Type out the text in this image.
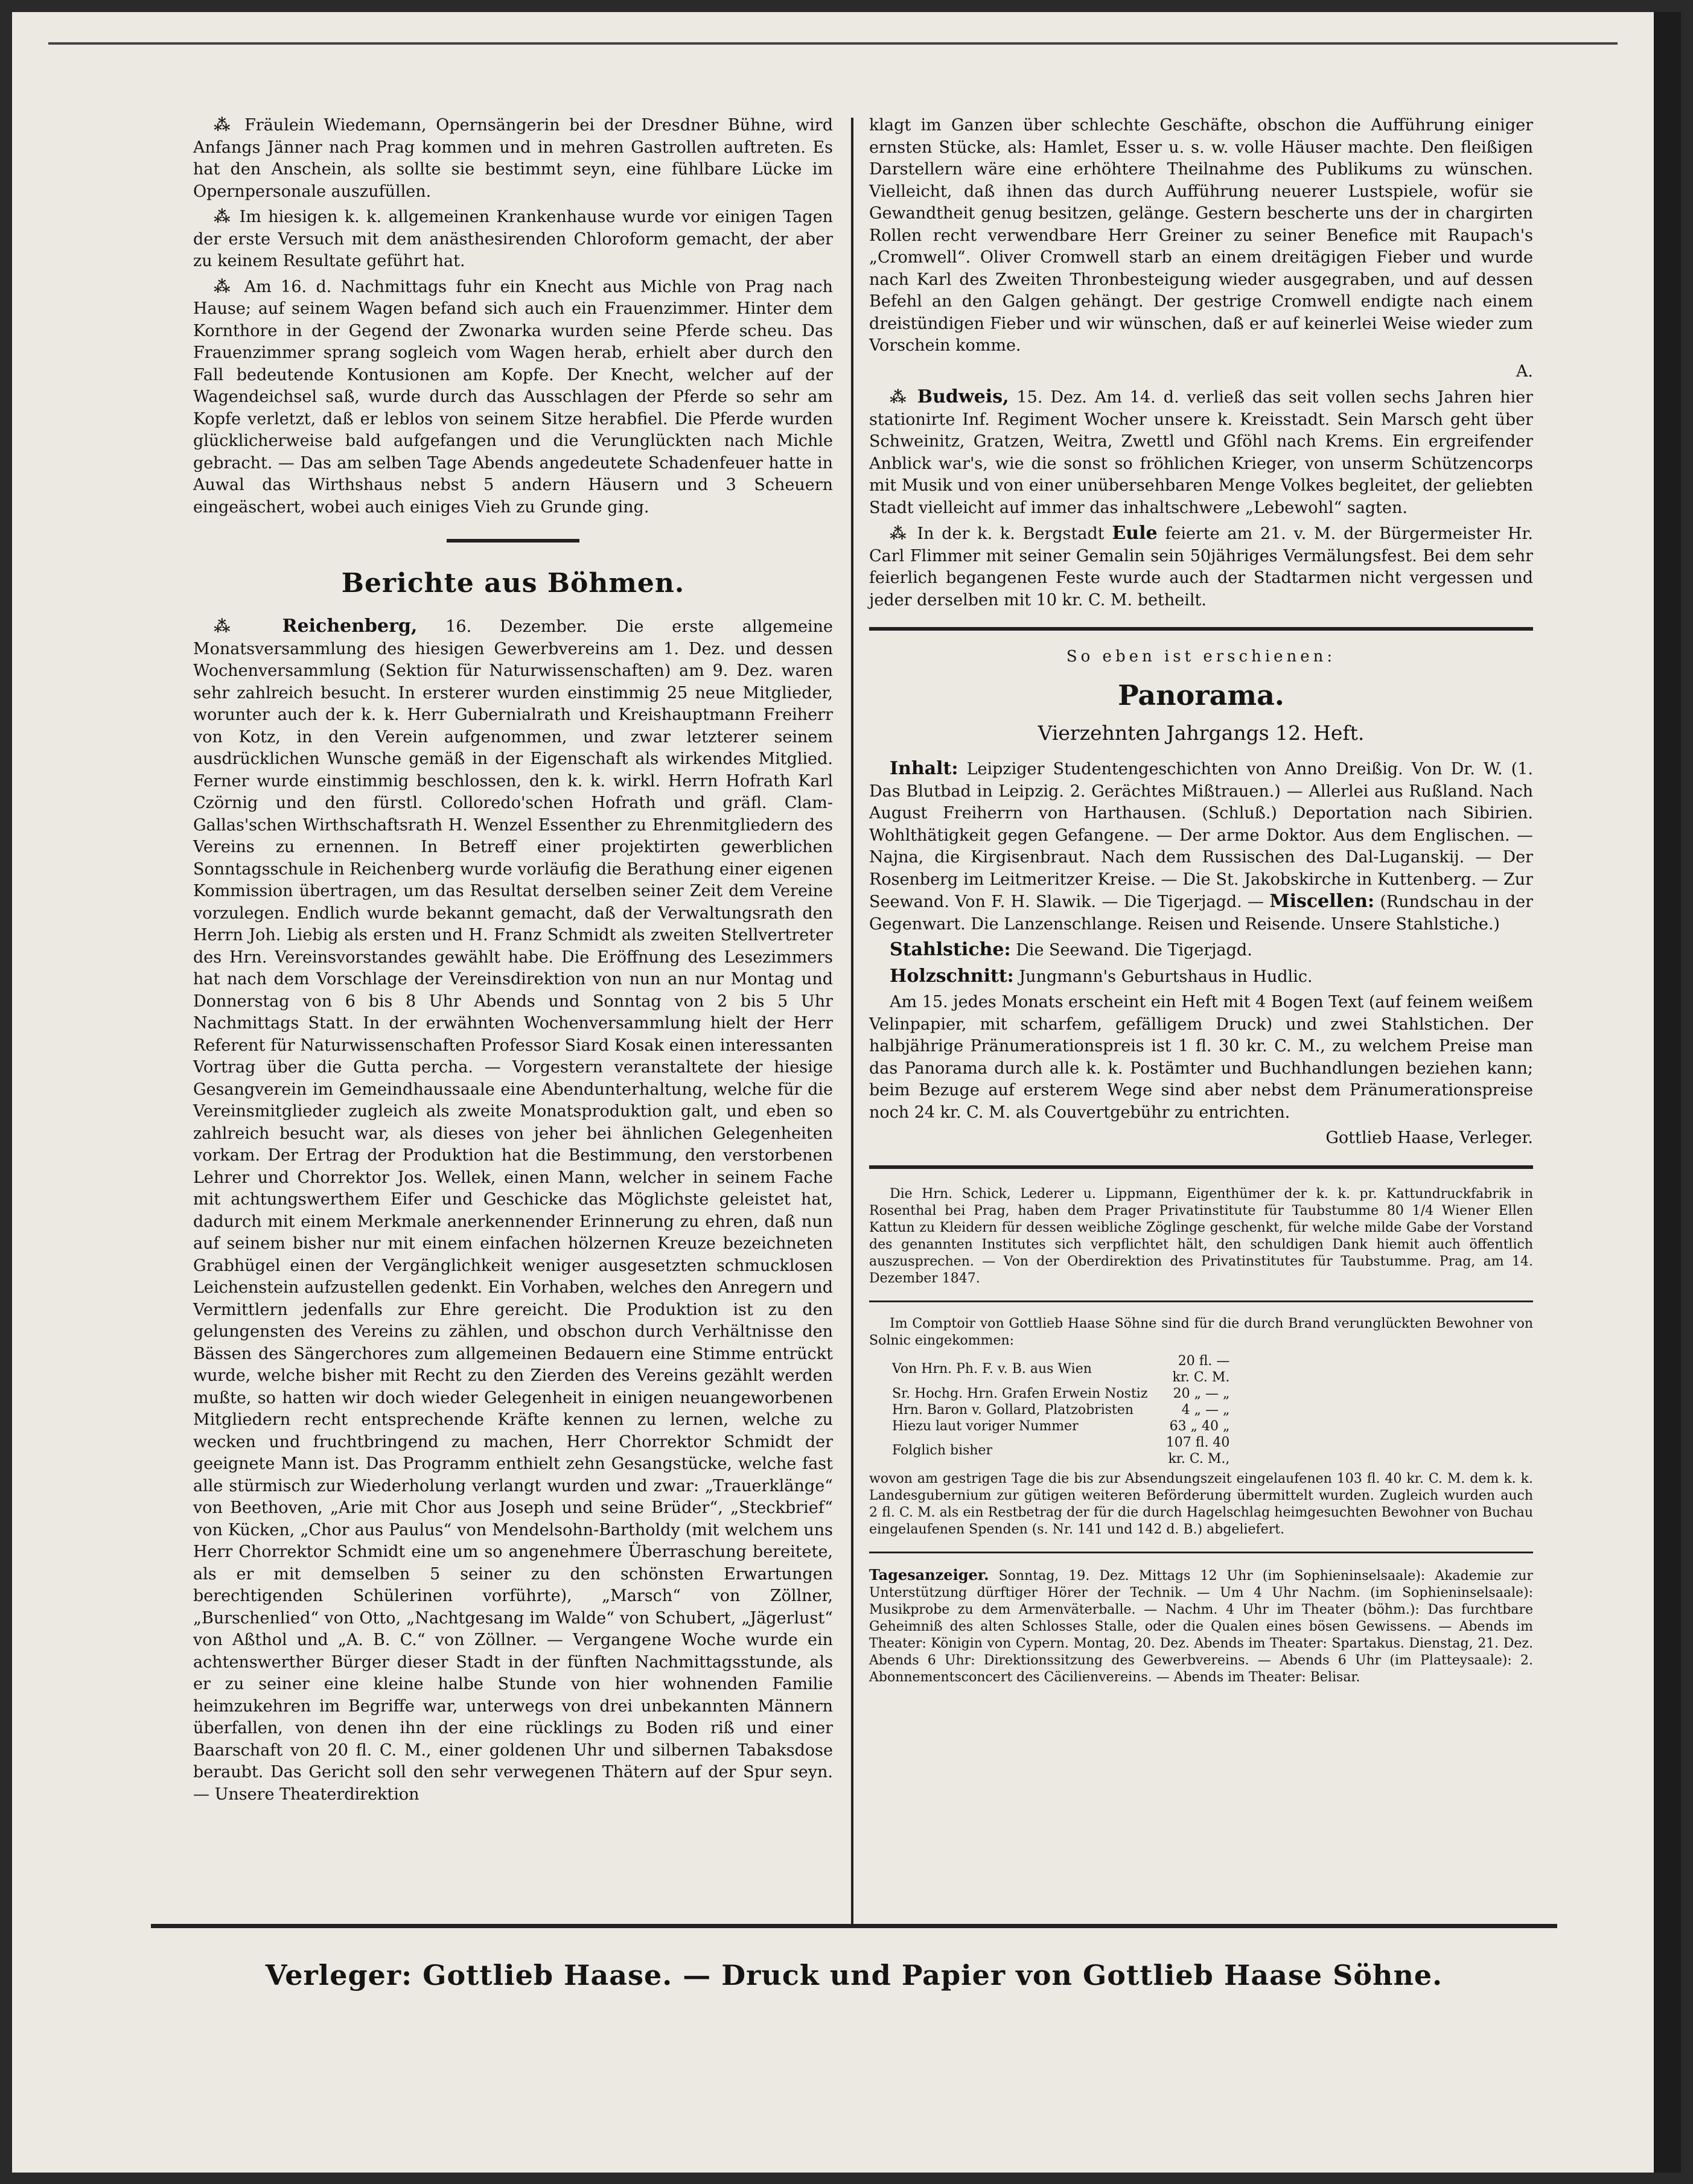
⁂ Fräulein Wiedemann, Opernsängerin bei der Dresdner Bühne, wird Anfangs Jänner nach Prag kommen und in mehren Gastrollen auftreten. Es hat den Anschein, als sollte sie bestimmt seyn, eine fühlbare Lücke im Opernpersonale auszufüllen.

⁂ Im hiesigen k. k. allgemeinen Krankenhause wurde vor einigen Tagen der erste Versuch mit dem anästhesirenden Chloroform gemacht, der aber zu keinem Resultate geführt hat.

⁂ Am 16. d. Nachmittags fuhr ein Knecht aus Michle von Prag nach Hause; auf seinem Wagen befand sich auch ein Frauenzimmer. Hinter dem Kornthore in der Gegend der Zwonarka wurden seine Pferde scheu. Das Frauenzimmer sprang sogleich vom Wagen herab, erhielt aber durch den Fall bedeutende Kontusionen am Kopfe. Der Knecht, welcher auf der Wagendeichsel saß, wurde durch das Ausschlagen der Pferde so sehr am Kopfe verletzt, daß er leblos von seinem Sitze herabfiel. Die Pferde wurden glücklicherweise bald aufgefangen und die Verunglückten nach Michle gebracht. — Das am selben Tage Abends angedeutete Schadenfeuer hatte in Auwal das Wirthshaus nebst 5 andern Häusern und 3 Scheuern eingeäschert, wobei auch einiges Vieh zu Grunde ging.

Berichte aus Böhmen.

⁂ Reichenberg, 16. Dezember. Die erste allgemeine Monatsversammlung des hiesigen Gewerbvereins am 1. Dez. und dessen Wochenversammlung (Sektion für Naturwissenschaften) am 9. Dez. waren sehr zahlreich besucht. In ersterer wurden einstimmig 25 neue Mitglieder, worunter auch der k. k. Herr Gubernialrath und Kreishauptmann Freiherr von Kotz, in den Verein aufgenommen, und zwar letzterer seinem ausdrücklichen Wunsche gemäß in der Eigenschaft als wirkendes Mitglied. Ferner wurde einstimmig beschlossen, den k. k. wirkl. Herrn Hofrath Karl Czörnig und den fürstl. Colloredo'schen Hofrath und gräfl. Clam-Gallas'schen Wirthschaftsrath H. Wenzel Essenther zu Ehrenmitgliedern des Vereins zu ernennen. In Betreff einer projektirten gewerblichen Sonntagsschule in Reichenberg wurde vorläufig die Berathung einer eigenen Kommission übertragen, um das Resultat derselben seiner Zeit dem Vereine vorzulegen. Endlich wurde bekannt gemacht, daß der Verwaltungsrath den Herrn Joh. Liebig als ersten und H. Franz Schmidt als zweiten Stellvertreter des Hrn. Vereinsvorstandes gewählt habe. Die Eröffnung des Lesezimmers hat nach dem Vorschlage der Vereinsdirektion von nun an nur Montag und Donnerstag von 6 bis 8 Uhr Abends und Sonntag von 2 bis 5 Uhr Nachmittags Statt. In der erwähnten Wochenversammlung hielt der Herr Referent für Naturwissenschaften Professor Siard Kosak einen interessanten Vortrag über die Gutta percha. — Vorgestern veranstaltete der hiesige Gesangverein im Gemeindhaussaale eine Abendunterhaltung, welche für die Vereinsmitglieder zugleich als zweite Monatsproduktion galt, und eben so zahlreich besucht war, als dieses von jeher bei ähnlichen Gelegenheiten vorkam. Der Ertrag der Produktion hat die Bestimmung, den verstorbenen Lehrer und Chorrektor Jos. Wellek, einen Mann, welcher in seinem Fache mit achtungswerthem Eifer und Geschicke das Möglichste geleistet hat, dadurch mit einem Merkmale anerkennender Erinnerung zu ehren, daß nun auf seinem bisher nur mit einem einfachen hölzernen Kreuze bezeichneten Grabhügel einen der Vergänglichkeit weniger ausgesetzten schmucklosen Leichenstein aufzustellen gedenkt. Ein Vorhaben, welches den Anregern und Vermittlern jedenfalls zur Ehre gereicht. Die Produktion ist zu den gelungensten des Vereins zu zählen, und obschon durch Verhältnisse den Bässen des Sängerchores zum allgemeinen Bedauern eine Stimme entrückt wurde, welche bisher mit Recht zu den Zierden des Vereins gezählt werden mußte, so hatten wir doch wieder Gelegenheit in einigen neuangeworbenen Mitgliedern recht entsprechende Kräfte kennen zu lernen, welche zu wecken und fruchtbringend zu machen, Herr Chorrektor Schmidt der geeignete Mann ist. Das Programm enthielt zehn Gesangstücke, welche fast alle stürmisch zur Wiederholung verlangt wurden und zwar: „Trauerklänge“ von Beethoven, „Arie mit Chor aus Joseph und seine Brüder“, „Steckbrief“ von Kücken, „Chor aus Paulus“ von Mendelsohn-Bartholdy (mit welchem uns Herr Chorrektor Schmidt eine um so angenehmere Überraschung bereitete, als er mit demselben 5 seiner zu den schönsten Erwartungen berechtigenden Schülerinen vorführte), „Marsch“ von Zöllner, „Burschenlied“ von Otto, „Nachtgesang im Walde“ von Schubert, „Jägerlust“ von Aßthol und „A. B. C.“ von Zöllner. — Vergangene Woche wurde ein achtenswerther Bürger dieser Stadt in der fünften Nachmittagsstunde, als er zu seiner eine kleine halbe Stunde von hier wohnenden Familie heimzukehren im Begriffe war, unterwegs von drei unbekannten Männern überfallen, von denen ihn der eine rücklings zu Boden riß und einer Baarschaft von 20 fl. C. M., einer goldenen Uhr und silbernen Tabaksdose beraubt. Das Gericht soll den sehr verwegenen Thätern auf der Spur seyn. — Unsere Theaterdirektion

klagt im Ganzen über schlechte Geschäfte, obschon die Aufführung einiger ernsten Stücke, als: Hamlet, Esser u. s. w. volle Häuser machte. Den fleißigen Darstellern wäre eine erhöhtere Theilnahme des Publikums zu wünschen. Vielleicht, daß ihnen das durch Aufführung neuerer Lustspiele, wofür sie Gewandtheit genug besitzen, gelänge. Gestern bescherte uns der in chargirten Rollen recht verwendbare Herr Greiner zu seiner Benefice mit Raupach's „Cromwell“. Oliver Cromwell starb an einem dreitägigen Fieber und wurde nach Karl des Zweiten Thronbesteigung wieder ausgegraben, und auf dessen Befehl an den Galgen gehängt. Der gestrige Cromwell endigte nach einem dreistündigen Fieber und wir wünschen, daß er auf keinerlei Weise wieder zum Vorschein komme.

A.

⁂ Budweis, 15. Dez. Am 14. d. verließ das seit vollen sechs Jahren hier stationirte Inf. Regiment Wocher unsere k. Kreisstadt. Sein Marsch geht über Schweinitz, Gratzen, Weitra, Zwettl und Gföhl nach Krems. Ein ergreifender Anblick war's, wie die sonst so fröhlichen Krieger, von unserm Schützencorps mit Musik und von einer unübersehbaren Menge Volkes begleitet, der geliebten Stadt vielleicht auf immer das inhaltschwere „Lebewohl“ sagten.

⁂ In der k. k. Bergstadt Eule feierte am 21. v. M. der Bürgermeister Hr. Carl Flimmer mit seiner Gemalin sein 50jähriges Vermälungsfest. Bei dem sehr feierlich begangenen Feste wurde auch der Stadtarmen nicht vergessen und jeder derselben mit 10 kr. C. M. betheilt.

So eben ist erschienen:
Panorama.
Vierzehnten Jahrgangs 12. Heft.

Inhalt: Leipziger Studentengeschichten von Anno Dreißig. Von Dr. W. (1. Das Blutbad in Leipzig. 2. Gerächtes Mißtrauen.) — Allerlei aus Rußland. Nach August Freiherrn von Harthausen. (Schluß.) Deportation nach Sibirien. Wohlthätigkeit gegen Gefangene. — Der arme Doktor. Aus dem Englischen. — Najna, die Kirgisenbraut. Nach dem Russischen des Dal-Luganskij. — Der Rosenberg im Leitmeritzer Kreise. — Die St. Jakobskirche in Kuttenberg. — Zur Seewand. Von F. H. Slawik. — Die Tigerjagd. — Miscellen: (Rundschau in der Gegenwart. Die Lanzenschlange. Reisen und Reisende. Unsere Stahlstiche.)

Stahlstiche: Die Seewand. Die Tigerjagd.

Holzschnitt: Jungmann's Geburtshaus in Hudlic.

Am 15. jedes Monats erscheint ein Heft mit 4 Bogen Text (auf feinem weißem Velinpapier, mit scharfem, gefälligem Druck) und zwei Stahlstichen. Der halbjährige Pränumerationspreis ist 1 fl. 30 kr. C. M., zu welchem Preise man das Panorama durch alle k. k. Postämter und Buchhandlungen beziehen kann; beim Bezuge auf ersterem Wege sind aber nebst dem Pränumerationspreise noch 24 kr. C. M. als Couvertgebühr zu entrichten.

Gottlieb Haase, Verleger.

Die Hrn. Schick, Lederer u. Lippmann, Eigenthümer der k. k. pr. Kattundruckfabrik in Rosenthal bei Prag, haben dem Prager Privatinstitute für Taubstumme 80 1/4 Wiener Ellen Kattun zu Kleidern für dessen weibliche Zöglinge geschenkt, für welche milde Gabe der Vorstand des genannten Institutes sich verpflichtet hält, den schuldigen Dank hiemit auch öffentlich auszusprechen. — Von der Oberdirektion des Privatinstitutes für Taubstumme. Prag, am 14. Dezember 1847.

Im Comptoir von Gottlieb Haase Söhne sind für die durch Brand verunglückten Bewohner von Solnic eingekommen:

Von Hrn. Ph. F. v. B. aus Wien	20 fl. — kr. C. M.
Sr. Hochg. Hrn. Grafen Erwein Nostiz	20 „ — „
Hrn. Baron v. Gollard, Platzobristen	4 „ — „
Hiezu laut voriger Nummer	63 „ 40 „
Folglich bisher	107 fl. 40 kr. C. M.,

wovon am gestrigen Tage die bis zur Absendungszeit eingelaufenen 103 fl. 40 kr. C. M. dem k. k. Landesgubernium zur gütigen weiteren Beförderung übermittelt wurden. Zugleich wurden auch 2 fl. C. M. als ein Restbetrag der für die durch Hagelschlag heimgesuchten Bewohner von Buchau eingelaufenen Spenden (s. Nr. 141 und 142 d. B.) abgeliefert.

Tagesanzeiger. Sonntag, 19. Dez. Mittags 12 Uhr (im Sophieninselsaale): Akademie zur Unterstützung dürftiger Hörer der Technik. — Um 4 Uhr Nachm. (im Sophieninselsaale): Musikprobe zu dem Armenväterballe. — Nachm. 4 Uhr im Theater (böhm.): Das furchtbare Geheimniß des alten Schlosses Stalle, oder die Qualen eines bösen Gewissens. — Abends im Theater: Königin von Cypern. Montag, 20. Dez. Abends im Theater: Spartakus. Dienstag, 21. Dez. Abends 6 Uhr: Direktionssitzung des Gewerbvereins. — Abends 6 Uhr (im Platteysaale): 2. Abonnementsconcert des Cäcilienvereins. — Abends im Theater: Belisar.

Verleger: Gottlieb Haase. — Druck und Papier von Gottlieb Haase Söhne.
